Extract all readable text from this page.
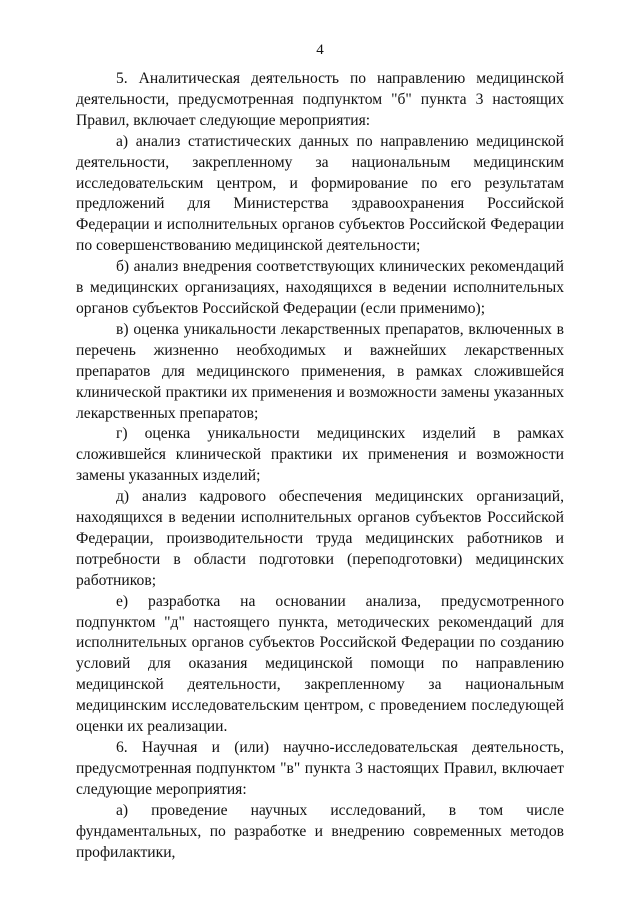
4

5. Аналитическая деятельность по направлению медицинской деятельности, предусмотренная подпунктом "б" пункта 3 настоящих Правил, включает следующие мероприятия:

а) анализ статистических данных по направлению медицинской деятельности, закрепленному за национальным медицинским исследовательским центром, и формирование по его результатам предложений для Министерства здравоохранения Российской Федерации и исполнительных органов субъектов Российской Федерации по совершенствованию медицинской деятельности;

б) анализ внедрения соответствующих клинических рекомендаций в медицинских организациях, находящихся в ведении исполнительных органов субъектов Российской Федерации (если применимо);

в) оценка уникальности лекарственных препаратов, включенных в перечень жизненно необходимых и важнейших лекарственных препаратов для медицинского применения, в рамках сложившейся клинической практики их применения и возможности замены указанных лекарственных препаратов;

г) оценка уникальности медицинских изделий в рамках сложившейся клинической практики их применения и возможности замены указанных изделий;

д) анализ кадрового обеспечения медицинских организаций, находящихся в ведении исполнительных органов субъектов Российской Федерации, производительности труда медицинских работников и потребности в области подготовки (переподготовки) медицинских работников;

е) разработка на основании анализа, предусмотренного подпунктом "д" настоящего пункта, методических рекомендаций для исполнительных органов субъектов Российской Федерации по созданию условий для оказания медицинской помощи по направлению медицинской деятельности, закрепленному за национальным медицинским исследовательским центром, с проведением последующей оценки их реализации.

6. Научная и (или) научно-исследовательская деятельность, предусмотренная подпунктом "в" пункта 3 настоящих Правил, включает следующие мероприятия:

а) проведение научных исследований, в том числе фундаментальных, по разработке и внедрению современных методов профилактики,
